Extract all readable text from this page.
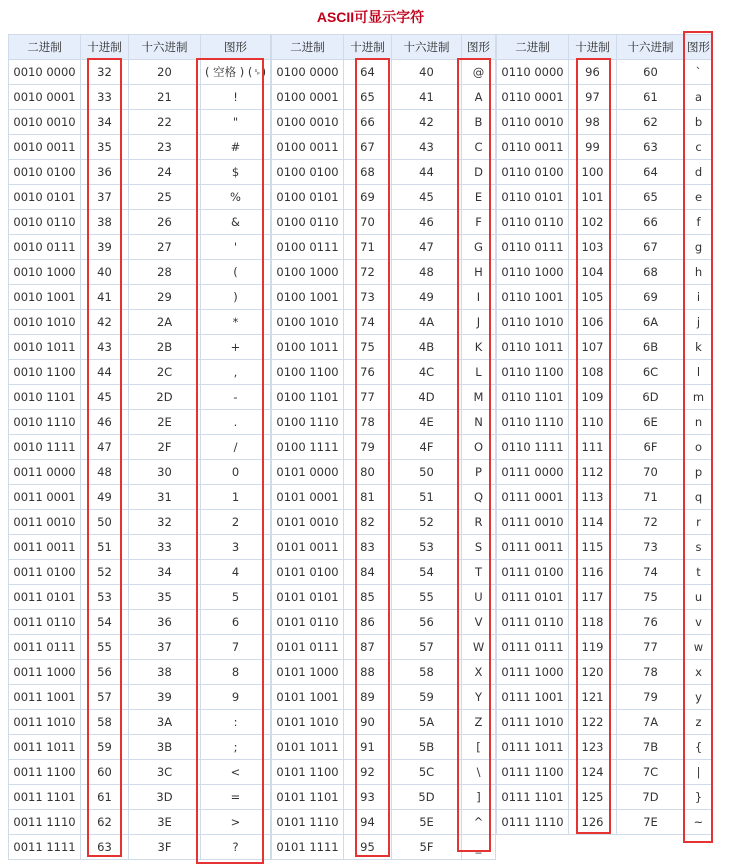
ASCII可显示字符
二进制	十进制	十六进制	图形
0010 0000	32	20	( 空格 ) (␠)
0010 0001	33	21	!
0010 0010	34	22	"
0010 0011	35	23	#
0010 0100	36	24	$
0010 0101	37	25	%
0010 0110	38	26	&
0010 0111	39	27	'
0010 1000	40	28	(
0010 1001	41	29	)
0010 1010	42	2A	*
0010 1011	43	2B	+
0010 1100	44	2C	,
0010 1101	45	2D	-
0010 1110	46	2E	.
0010 1111	47	2F	/
0011 0000	48	30	0
0011 0001	49	31	1
0011 0010	50	32	2
0011 0011	51	33	3
0011 0100	52	34	4
0011 0101	53	35	5
0011 0110	54	36	6
0011 0111	55	37	7
0011 1000	56	38	8
0011 1001	57	39	9
0011 1010	58	3A	:
0011 1011	59	3B	;
0011 1100	60	3C	<
0011 1101	61	3D	=
0011 1110	62	3E	>
0011 1111	63	3F	?
二进制	十进制	十六进制	图形
0100 0000	64	40	@
0100 0001	65	41	A
0100 0010	66	42	B
0100 0011	67	43	C
0100 0100	68	44	D
0100 0101	69	45	E
0100 0110	70	46	F
0100 0111	71	47	G
0100 1000	72	48	H
0100 1001	73	49	I
0100 1010	74	4A	J
0100 1011	75	4B	K
0100 1100	76	4C	L
0100 1101	77	4D	M
0100 1110	78	4E	N
0100 1111	79	4F	O
0101 0000	80	50	P
0101 0001	81	51	Q
0101 0010	82	52	R
0101 0011	83	53	S
0101 0100	84	54	T
0101 0101	85	55	U
0101 0110	86	56	V
0101 0111	87	57	W
0101 1000	88	58	X
0101 1001	89	59	Y
0101 1010	90	5A	Z
0101 1011	91	5B	[
0101 1100	92	5C	\
0101 1101	93	5D	]
0101 1110	94	5E	^
0101 1111	95	5F	_
二进制	十进制	十六进制	图形
0110 0000	96	60	`
0110 0001	97	61	a
0110 0010	98	62	b
0110 0011	99	63	c
0110 0100	100	64	d
0110 0101	101	65	e
0110 0110	102	66	f
0110 0111	103	67	g
0110 1000	104	68	h
0110 1001	105	69	i
0110 1010	106	6A	j
0110 1011	107	6B	k
0110 1100	108	6C	l
0110 1101	109	6D	m
0110 1110	110	6E	n
0110 1111	111	6F	o
0111 0000	112	70	p
0111 0001	113	71	q
0111 0010	114	72	r
0111 0011	115	73	s
0111 0100	116	74	t
0111 0101	117	75	u
0111 0110	118	76	v
0111 0111	119	77	w
0111 1000	120	78	x
0111 1001	121	79	y
0111 1010	122	7A	z
0111 1011	123	7B	{
0111 1100	124	7C	|
0111 1101	125	7D	}
0111 1110	126	7E	~
